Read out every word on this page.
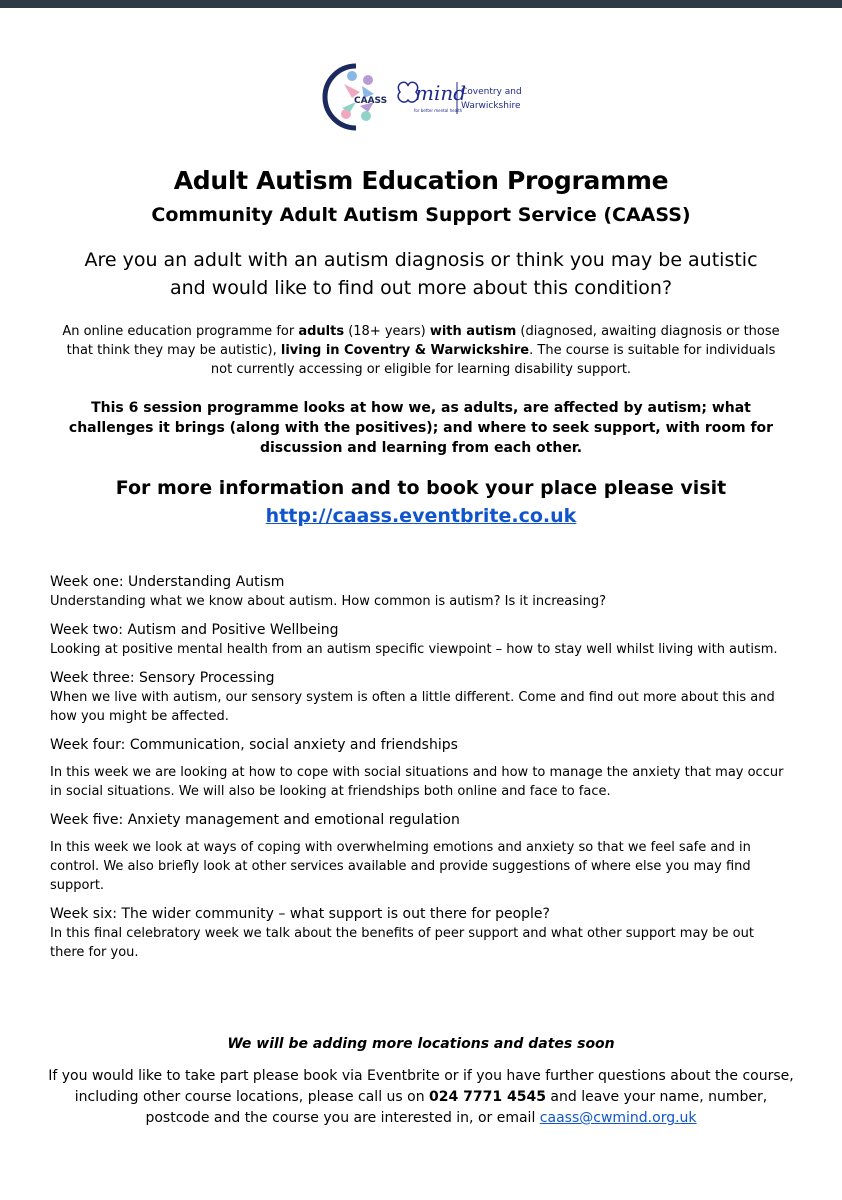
CAASS mind
for better mental health
Coventry and
Warwickshire
Adult Autism Education Programme
Community Adult Autism Support Service (CAASS)
Are you an adult with an autism diagnosis or think you may be autistic
and would like to find out more about this condition?
An online education programme for adults (18+ years) with autism (diagnosed, awaiting diagnosis or those that think they may be autistic), living in Coventry & Warwickshire. The course is suitable for individuals not currently accessing or eligible for learning disability support.
This 6 session programme looks at how we, as adults, are affected by autism; what challenges it brings (along with the positives); and where to seek support, with room for discussion and learning from each other.
For more information and to book your place please visit
http://caass.eventbrite.co.uk
Week one: Understanding Autism
Understanding what we know about autism. How common is autism? Is it increasing?
Week two: Autism and Positive Wellbeing
Looking at positive mental health from an autism specific viewpoint – how to stay well whilst living with autism.
Week three: Sensory Processing
When we live with autism, our sensory system is often a little different. Come and find out more about this and how you might be affected.
Week four: Communication, social anxiety and friendships
In this week we are looking at how to cope with social situations and how to manage the anxiety that may occur in social situations. We will also be looking at friendships both online and face to face.
Week five: Anxiety management and emotional regulation
In this week we look at ways of coping with overwhelming emotions and anxiety so that we feel safe and in control. We also briefly look at other services available and provide suggestions of where else you may find support.
Week six: The wider community – what support is out there for people?
In this final celebratory week we talk about the benefits of peer support and what other support may be out there for you.
We will be adding more locations and dates soon
If you would like to take part please book via Eventbrite or if you have further questions about the course, including other course locations, please call us on 024 7771 4545 and leave your name, number, postcode and the course you are interested in, or email caass@cwmind.org.uk
